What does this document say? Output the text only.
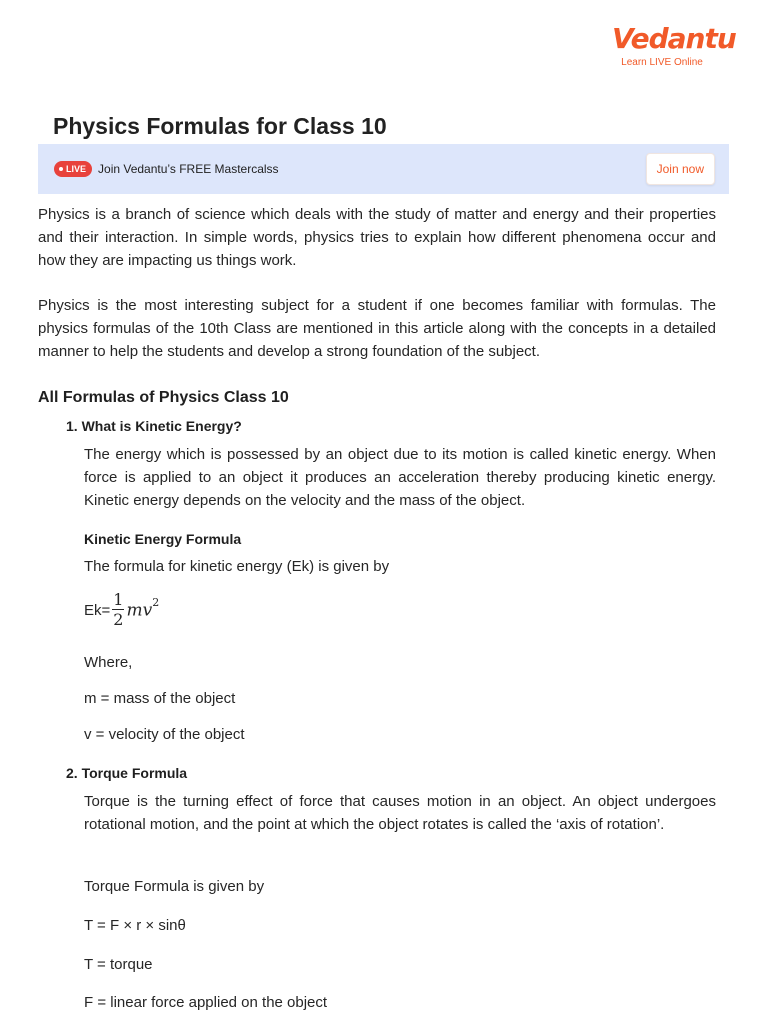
Vedantu
Learn LIVE Online
Physics Formulas for Class 10
LIVE Join Vedantu’s FREE Mastercalss	Join now

Physics is a branch of science which deals with the study of matter and energy and their properties and their interaction. In simple words, physics tries to explain how different phenomena occur and how they are impacting us things work.

Physics is the most interesting subject for a student if one becomes familiar with formulas. The physics formulas of the 10th Class are mentioned in this article along with the concepts in a detailed manner to help the students and develop a strong foundation of the subject.

All Formulas of Physics Class 10
1. What is Kinetic Energy?

The energy which is possessed by an object due to its motion is called kinetic energy. When force is applied to an object it produces an acceleration thereby producing kinetic energy. Kinetic energy depends on the velocity and the mass of the object.

Kinetic Energy Formula
The formula for kinetic energy (Ek) is given by
$Ek= \frac{1}{2} mv^2$
Where,
m = mass of the object
v = velocity of the object
2. Torque Formula

Torque is the turning effect of force that causes motion in an object. An object undergoes rotational motion, and the point at which the object rotates is called the ‘axis of rotation’.

Torque Formula is given by
T = F × r × sinθ
T = torque
F = linear force applied on the object
